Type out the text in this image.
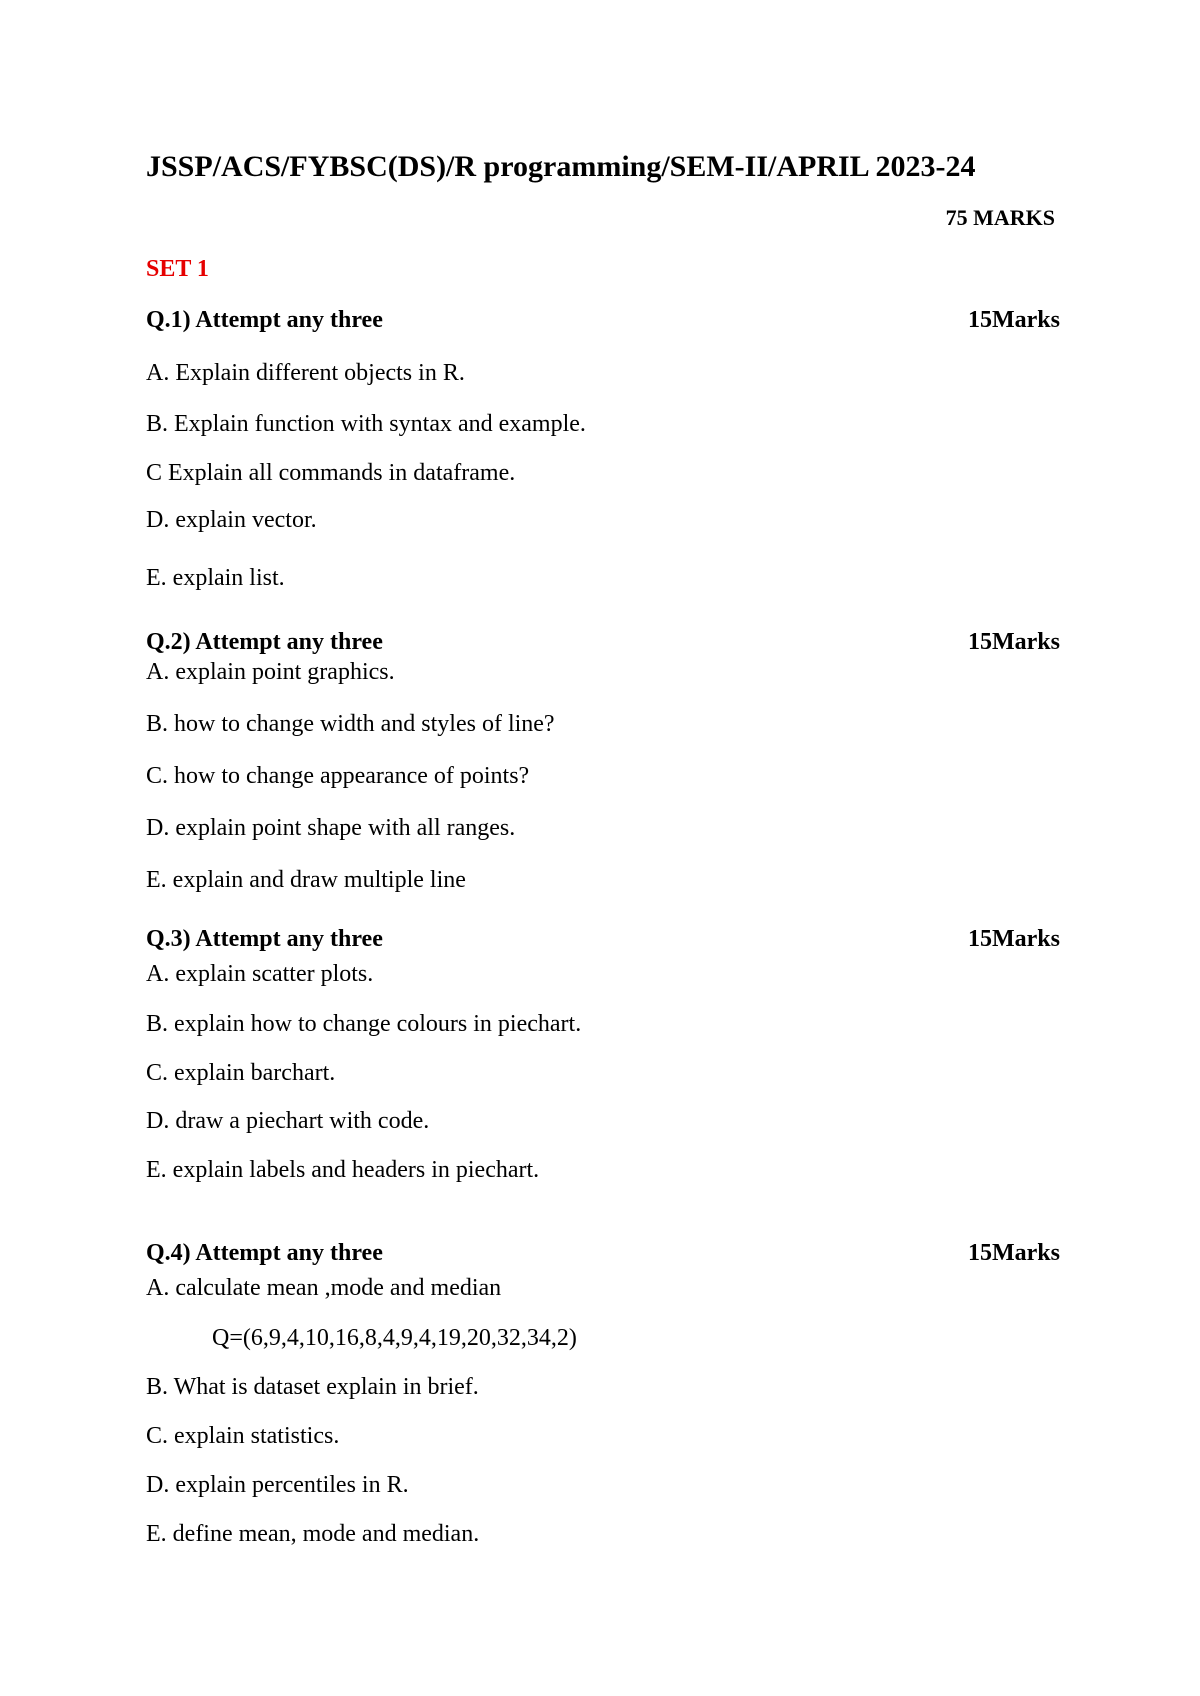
JSSP/ACS/FYBSC(DS)/R programming/SEM-II/APRIL 2023-24
75 MARKS
SET 1
Q.1) Attempt any three	15Marks
A. Explain different objects in R.
B. Explain function with syntax and example.
C Explain all commands in dataframe.
D. explain vector.
E. explain list.
Q.2) Attempt any three	15Marks
A. explain point graphics.
B. how to change width and styles of line?
C. how to change appearance of points?
D. explain point shape with all ranges.
E. explain and draw multiple line
Q.3) Attempt any three	15Marks
A. explain scatter plots.
B. explain how to change colours in piechart.
C. explain barchart.
D. draw a piechart with code.
E. explain labels and headers in piechart.
Q.4) Attempt any three	15Marks
A. calculate mean ,mode and median
Q=(6,9,4,10,16,8,4,9,4,19,20,32,34,2)
B. What is dataset explain in brief.
C. explain statistics.
D. explain percentiles in R.
E. define mean, mode and median.
